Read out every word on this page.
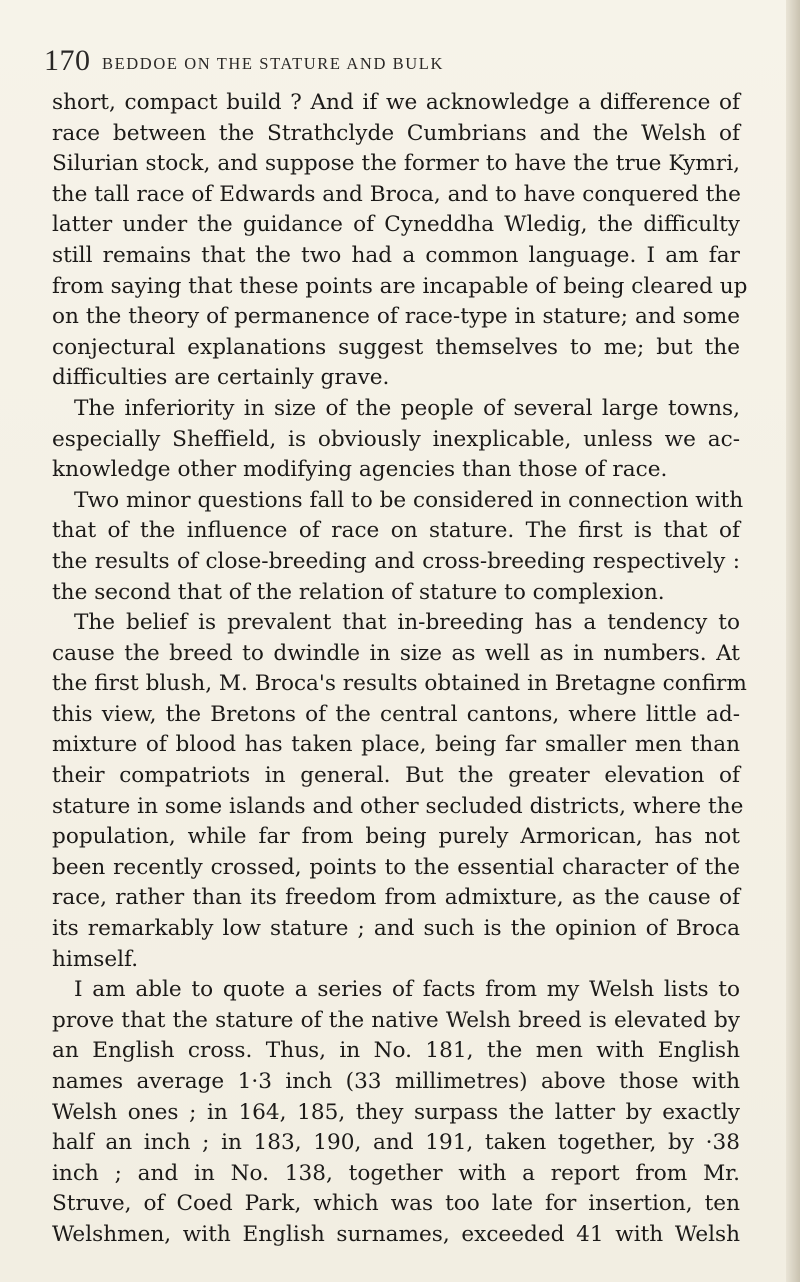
170 BEDDOE ON THE STATURE AND BULK
short, compact build ? And if we acknowledge a difference of
race between the Strathclyde Cumbrians and the Welsh of
Silurian stock, and suppose the former to have the true Kymri,
the tall race of Edwards and Broca, and to have conquered the
latter under the guidance of Cyneddha Wledig, the difficulty
still remains that the two had a common language. I am far
from saying that these points are incapable of being cleared up
on the theory of permanence of race-type in stature; and some
conjectural explanations suggest themselves to me; but the
difficulties are certainly grave.
The inferiority in size of the people of several large towns,
especially Sheffield, is obviously inexplicable, unless we ac-
knowledge other modifying agencies than those of race.
Two minor questions fall to be considered in connection with
that of the influence of race on stature. The first is that of
the results of close-breeding and cross-breeding respectively :
the second that of the relation of stature to complexion.
The belief is prevalent that in-breeding has a tendency to
cause the breed to dwindle in size as well as in numbers. At
the first blush, M. Broca's results obtained in Bretagne confirm
this view, the Bretons of the central cantons, where little ad-
mixture of blood has taken place, being far smaller men than
their compatriots in general. But the greater elevation of
stature in some islands and other secluded districts, where the
population, while far from being purely Armorican, has not
been recently crossed, points to the essential character of the
race, rather than its freedom from admixture, as the cause of
its remarkably low stature ; and such is the opinion of Broca
himself.
I am able to quote a series of facts from my Welsh lists to
prove that the stature of the native Welsh breed is elevated by
an English cross. Thus, in No. 181, the men with English
names average 1·3 inch (33 millimetres) above those with
Welsh ones ; in 164, 185, they surpass the latter by exactly
half an inch ; in 183, 190, and 191, taken together, by ·38
inch ; and in No. 138, together with a report from Mr.
Struve, of Coed Park, which was too late for insertion, ten
Welshmen, with English surnames, exceeded 41 with Welsh
